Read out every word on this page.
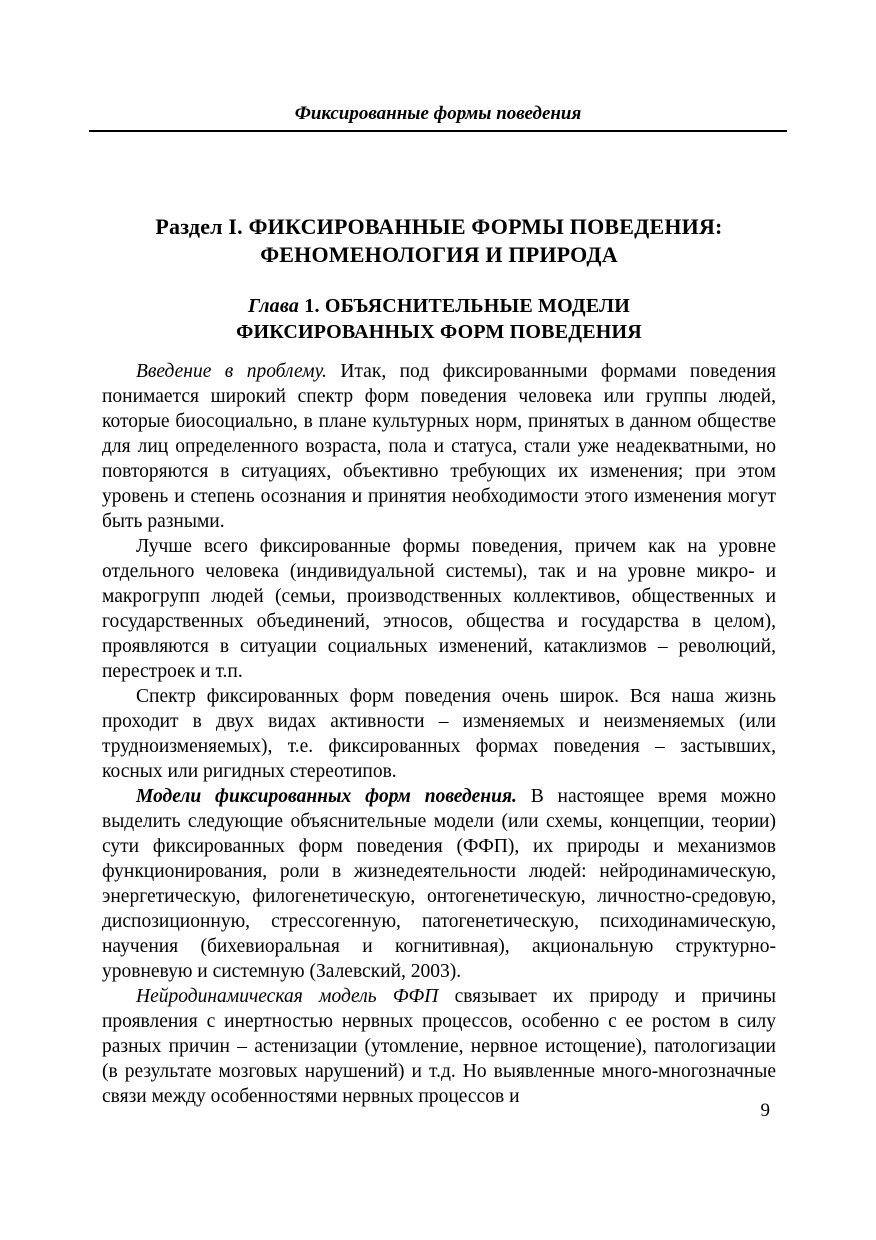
Фиксированные формы поведения
Раздел I. ФИКСИРОВАННЫЕ ФОРМЫ ПОВЕДЕНИЯ:
ФЕНОМЕНОЛОГИЯ И ПРИРОДА
Глава 1. ОБЪЯСНИТЕЛЬНЫЕ МОДЕЛИ
ФИКСИРОВАННЫХ ФОРМ ПОВЕДЕНИЯ

Введение в проблему. Итак, под фиксированными формами поведения понимается широкий спектр форм поведения человека или группы людей, которые биосоциально, в плане культурных норм, принятых в данном обществе для лиц определенного возраста, пола и статуса, стали уже неадекватными, но повторяются в ситуациях, объективно требующих их изменения; при этом уровень и степень осознания и принятия необходимости этого изменения могут быть разными.

Лучше всего фиксированные формы поведения, причем как на уровне отдельного человека (индивидуальной системы), так и на уровне микро- и макрогрупп людей (семьи, производственных коллективов, общественных и государственных объединений, этносов, общества и государства в целом), проявляются в ситуации социальных изменений, катаклизмов – революций, перестроек и т.п.

Спектр фиксированных форм поведения очень широк. Вся наша жизнь проходит в двух видах активности – изменяемых и неизменяемых (или трудноизменяемых), т.е. фиксированных формах поведения – застывших, косных или ригидных стереотипов.

Модели фиксированных форм поведения. В настоящее время можно выделить следующие объяснительные модели (или схемы, концепции, теории) сути фиксированных форм поведения (ФФП), их природы и механизмов функционирования, роли в жизнедеятельности людей: нейродинамическую, энергетическую, филогенетическую, онтогенетическую, личностно-средовую, диспозиционную, стрессогенную, патогенетическую, психодинамическую, научения (бихевиоральная и когнитивная), акциональную структурно-уровневую и системную (Залевский, 2003).

Нейродинамическая модель ФФП связывает их природу и причины проявления с инертностью нервных процессов, особенно с ее ростом в силу разных причин – астенизации (утомление, нервное истощение), патологизации (в результате мозговых нарушений) и т.д. Но выявленные много-многозначные связи между особенностями нервных процессов и

9
